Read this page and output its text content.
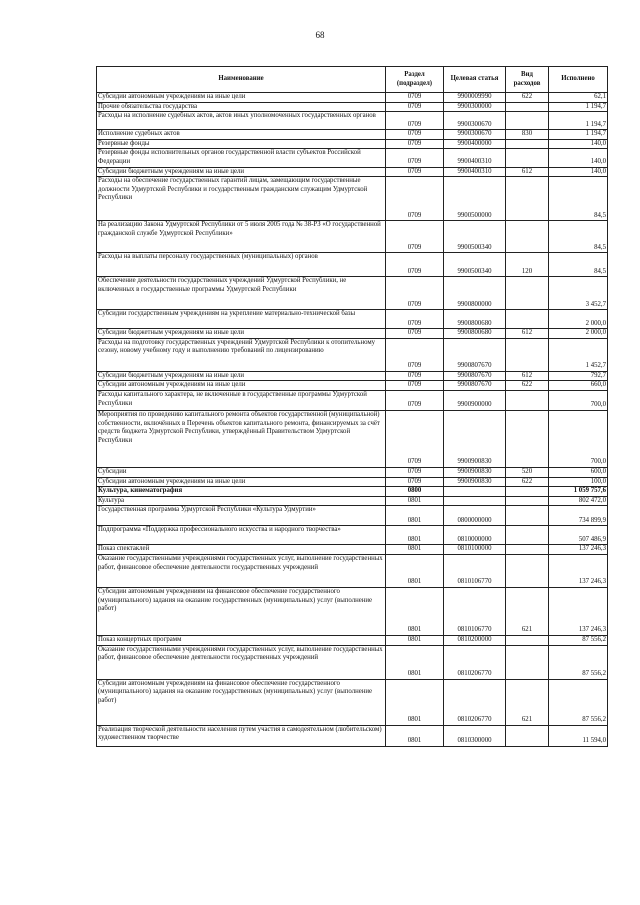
68
Наименование	Раздел (подраздел)	Целевая статья	Вид расходов	Исполнено
Субсидии автономным учреждениям на иные цели	0709	9900009990	622	62,1
Прочие обязательства государства	0709	9900300000		1 194,7
Расходы на исполнение судебных актов, актов иных уполномоченных государственных органов	0709	9900300670		1 194,7
Исполнение судебных актов	0709	9900300670	830	1 194,7
Резервные фонды	0709	9900400000		140,0
Резервные фонды исполнительных органов государственной власти субъектов Российской Федерации	0709	9900400310		140,0
Субсидии бюджетным учреждениям на иные цели	0709	9900400310	612	140,0
Расходы на обеспечение государственных гарантий лицам, замещающим государственные должности Удмуртской Республики и государственным гражданским служащим Удмуртской Республики	0709	9900500000		84,5
На реализацию Закона Удмуртской Республики от 5 июля 2005 года № 38-РЗ «О государственной гражданской службе Удмуртской Республики»	0709	9900500340		84,5
Расходы на выплаты персоналу государственных (муниципальных) органов	0709	9900500340	120	84,5
Обеспечение деятельности государственных учреждений Удмуртской Республики, не включенных в государственные программы Удмуртской Республики	0709	9900800000		3 452,7
Субсидии государственным учреждениям на укрепление материально-технической базы	0709	9900800680		2 000,0
Субсидии бюджетным учреждениям на иные цели	0709	9900800680	612	2 000,0
Расходы на подготовку государственных учреждений Удмуртской Республики к отопительному сезону, новому учебному году и выполнению требований по лицензированию	0709	9900807670		1 452,7
Субсидии бюджетным учреждениям на иные цели	0709	9900807670	612	792,7
Субсидии автономным учреждениям на иные цели	0709	9900807670	622	660,0
Расходы капитального характера, не включенные в государственные программы Удмуртской Республики	0709	9900900000		700,0
Мероприятия по проведению капитального ремонта объектов государственной (муниципальной) собственности, включённых в Перечень объектов капитального ремонта, финансируемых за счёт средств бюджета Удмуртской Республики, утверждённый Правительством Удмуртской Республики	0709	9900900830		700,0
Субсидии	0709	9900900830	520	600,0
Субсидии автономным учреждениям на иные цели	0709	9900900830	622	100,0
Культура, кинематография	0800			1 059 757,6
Культура	0801			802 472,0
Государственная программа Удмуртской Республики «Культура Удмуртии»	0801	0800000000		734 899,9
Подпрограмма «Поддержка профессионального искусства и народного творчества»	0801	0810000000		507 486,9
Показ спектаклей	0801	0810100000		137 246,3
Оказание государственными учреждениями государственных услуг, выполнение государственных работ, финансовое обеспечение деятельности государственных учреждений	0801	0810106770		137 246,3
Субсидии автономным учреждениям на финансовое обеспечение государственного (муниципального) задания на оказание государственных (муниципальных) услуг (выполнение работ)	0801	0810106770	621	137 246,3
Показ концертных программ	0801	0810200000		87 556,2
Оказание государственными учреждениями государственных услуг, выполнение государственных работ, финансовое обеспечение деятельности государственных учреждений	0801	0810206770		87 556,2
Субсидии автономным учреждениям на финансовое обеспечение государственного (муниципального) задания на оказание государственных (муниципальных) услуг (выполнение работ)	0801	0810206770	621	87 556,2
Реализация творческой деятельности населения путем участия в самодеятельном (любительском) художественном творчестве	0801	0810300000		11 594,0
